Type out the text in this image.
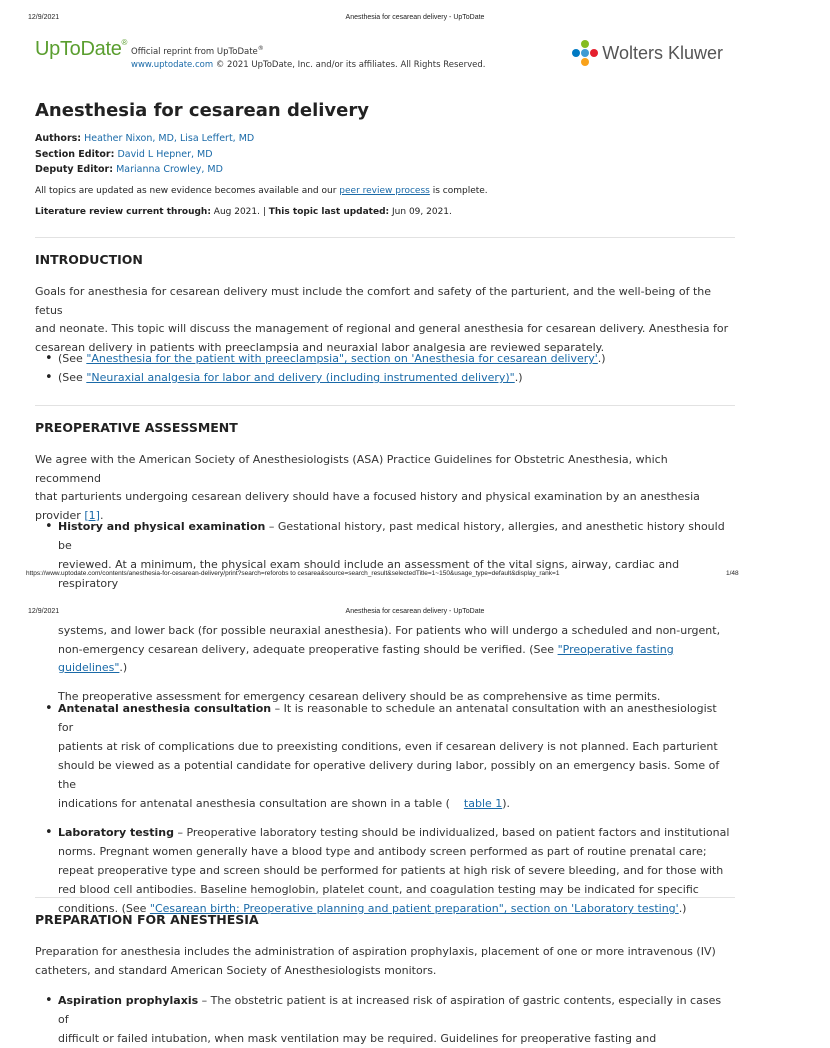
12/9/2021	Anesthesia for cesarean delivery - UpToDate
UpToDate®
Official reprint from UpToDate®
www.uptodate.com © 2021 UpToDate, Inc. and/or its affiliates. All Rights Reserved.
Wolters Kluwer
Anesthesia for cesarean delivery
Authors: Heather Nixon, MD, Lisa Leffert, MD
Section Editor: David L Hepner, MD
Deputy Editor: Marianna Crowley, MD
All topics are updated as new evidence becomes available and our peer review process is complete.
Literature review current through: Aug 2021. | This topic last updated: Jun 09, 2021.
INTRODUCTION
Goals for anesthesia for cesarean delivery must include the comfort and safety of the parturient, and the well-being of the fetus
and neonate. This topic will discuss the management of regional and general anesthesia for cesarean delivery. Anesthesia for
cesarean delivery in patients with preeclampsia and neuraxial labor analgesia are reviewed separately.
• (See "Anesthesia for the patient with preeclampsia", section on 'Anesthesia for cesarean delivery'.)
• (See "Neuraxial analgesia for labor and delivery (including instrumented delivery)".)
PREOPERATIVE ASSESSMENT
We agree with the American Society of Anesthesiologists (ASA) Practice Guidelines for Obstetric Anesthesia, which recommend
that parturients undergoing cesarean delivery should have a focused history and physical examination by an anesthesia
provider [1].
• History and physical examination – Gestational history, past medical history, allergies, and anesthetic history should be
reviewed. At a minimum, the physical exam should include an assessment of the vital signs, airway, cardiac and respiratory
https://www.uptodate.com/contents/anesthesia-for-cesarean-delivery/print?search=reforobs to cesarea&source=search_result&selectedTitle=1~150&usage_type=default&display_rank=1	1/48
12/9/2021	Anesthesia for cesarean delivery - UpToDate
systems, and lower back (for possible neuraxial anesthesia). For patients who will undergo a scheduled and non-urgent,
non-emergency cesarean delivery, adequate preoperative fasting should be verified. (See "Preoperative fasting guidelines".)
The preoperative assessment for emergency cesarean delivery should be as comprehensive as time permits.
• Antenatal anesthesia consultation – It is reasonable to schedule an antenatal consultation with an anesthesiologist for
patients at risk of complications due to preexisting conditions, even if cesarean delivery is not planned. Each parturient
should be viewed as a potential candidate for operative delivery during labor, possibly on an emergency basis. Some of the
indications for antenatal anesthesia consultation are shown in a table ( table 1).
• Laboratory testing – Preoperative laboratory testing should be individualized, based on patient factors and institutional
norms. Pregnant women generally have a blood type and antibody screen performed as part of routine prenatal care;
repeat preoperative type and screen should be performed for patients at high risk of severe bleeding, and for those with
red blood cell antibodies. Baseline hemoglobin, platelet count, and coagulation testing may be indicated for specific
conditions. (See "Cesarean birth: Preoperative planning and patient preparation", section on 'Laboratory testing'.)
PREPARATION FOR ANESTHESIA
Preparation for anesthesia includes the administration of aspiration prophylaxis, placement of one or more intravenous (IV)
catheters, and standard American Society of Anesthesiologists monitors.
• Aspiration prophylaxis – The obstetric patient is at increased risk of aspiration of gastric contents, especially in cases of
difficult or failed intubation, when mask ventilation may be required. Guidelines for preoperative fasting and
